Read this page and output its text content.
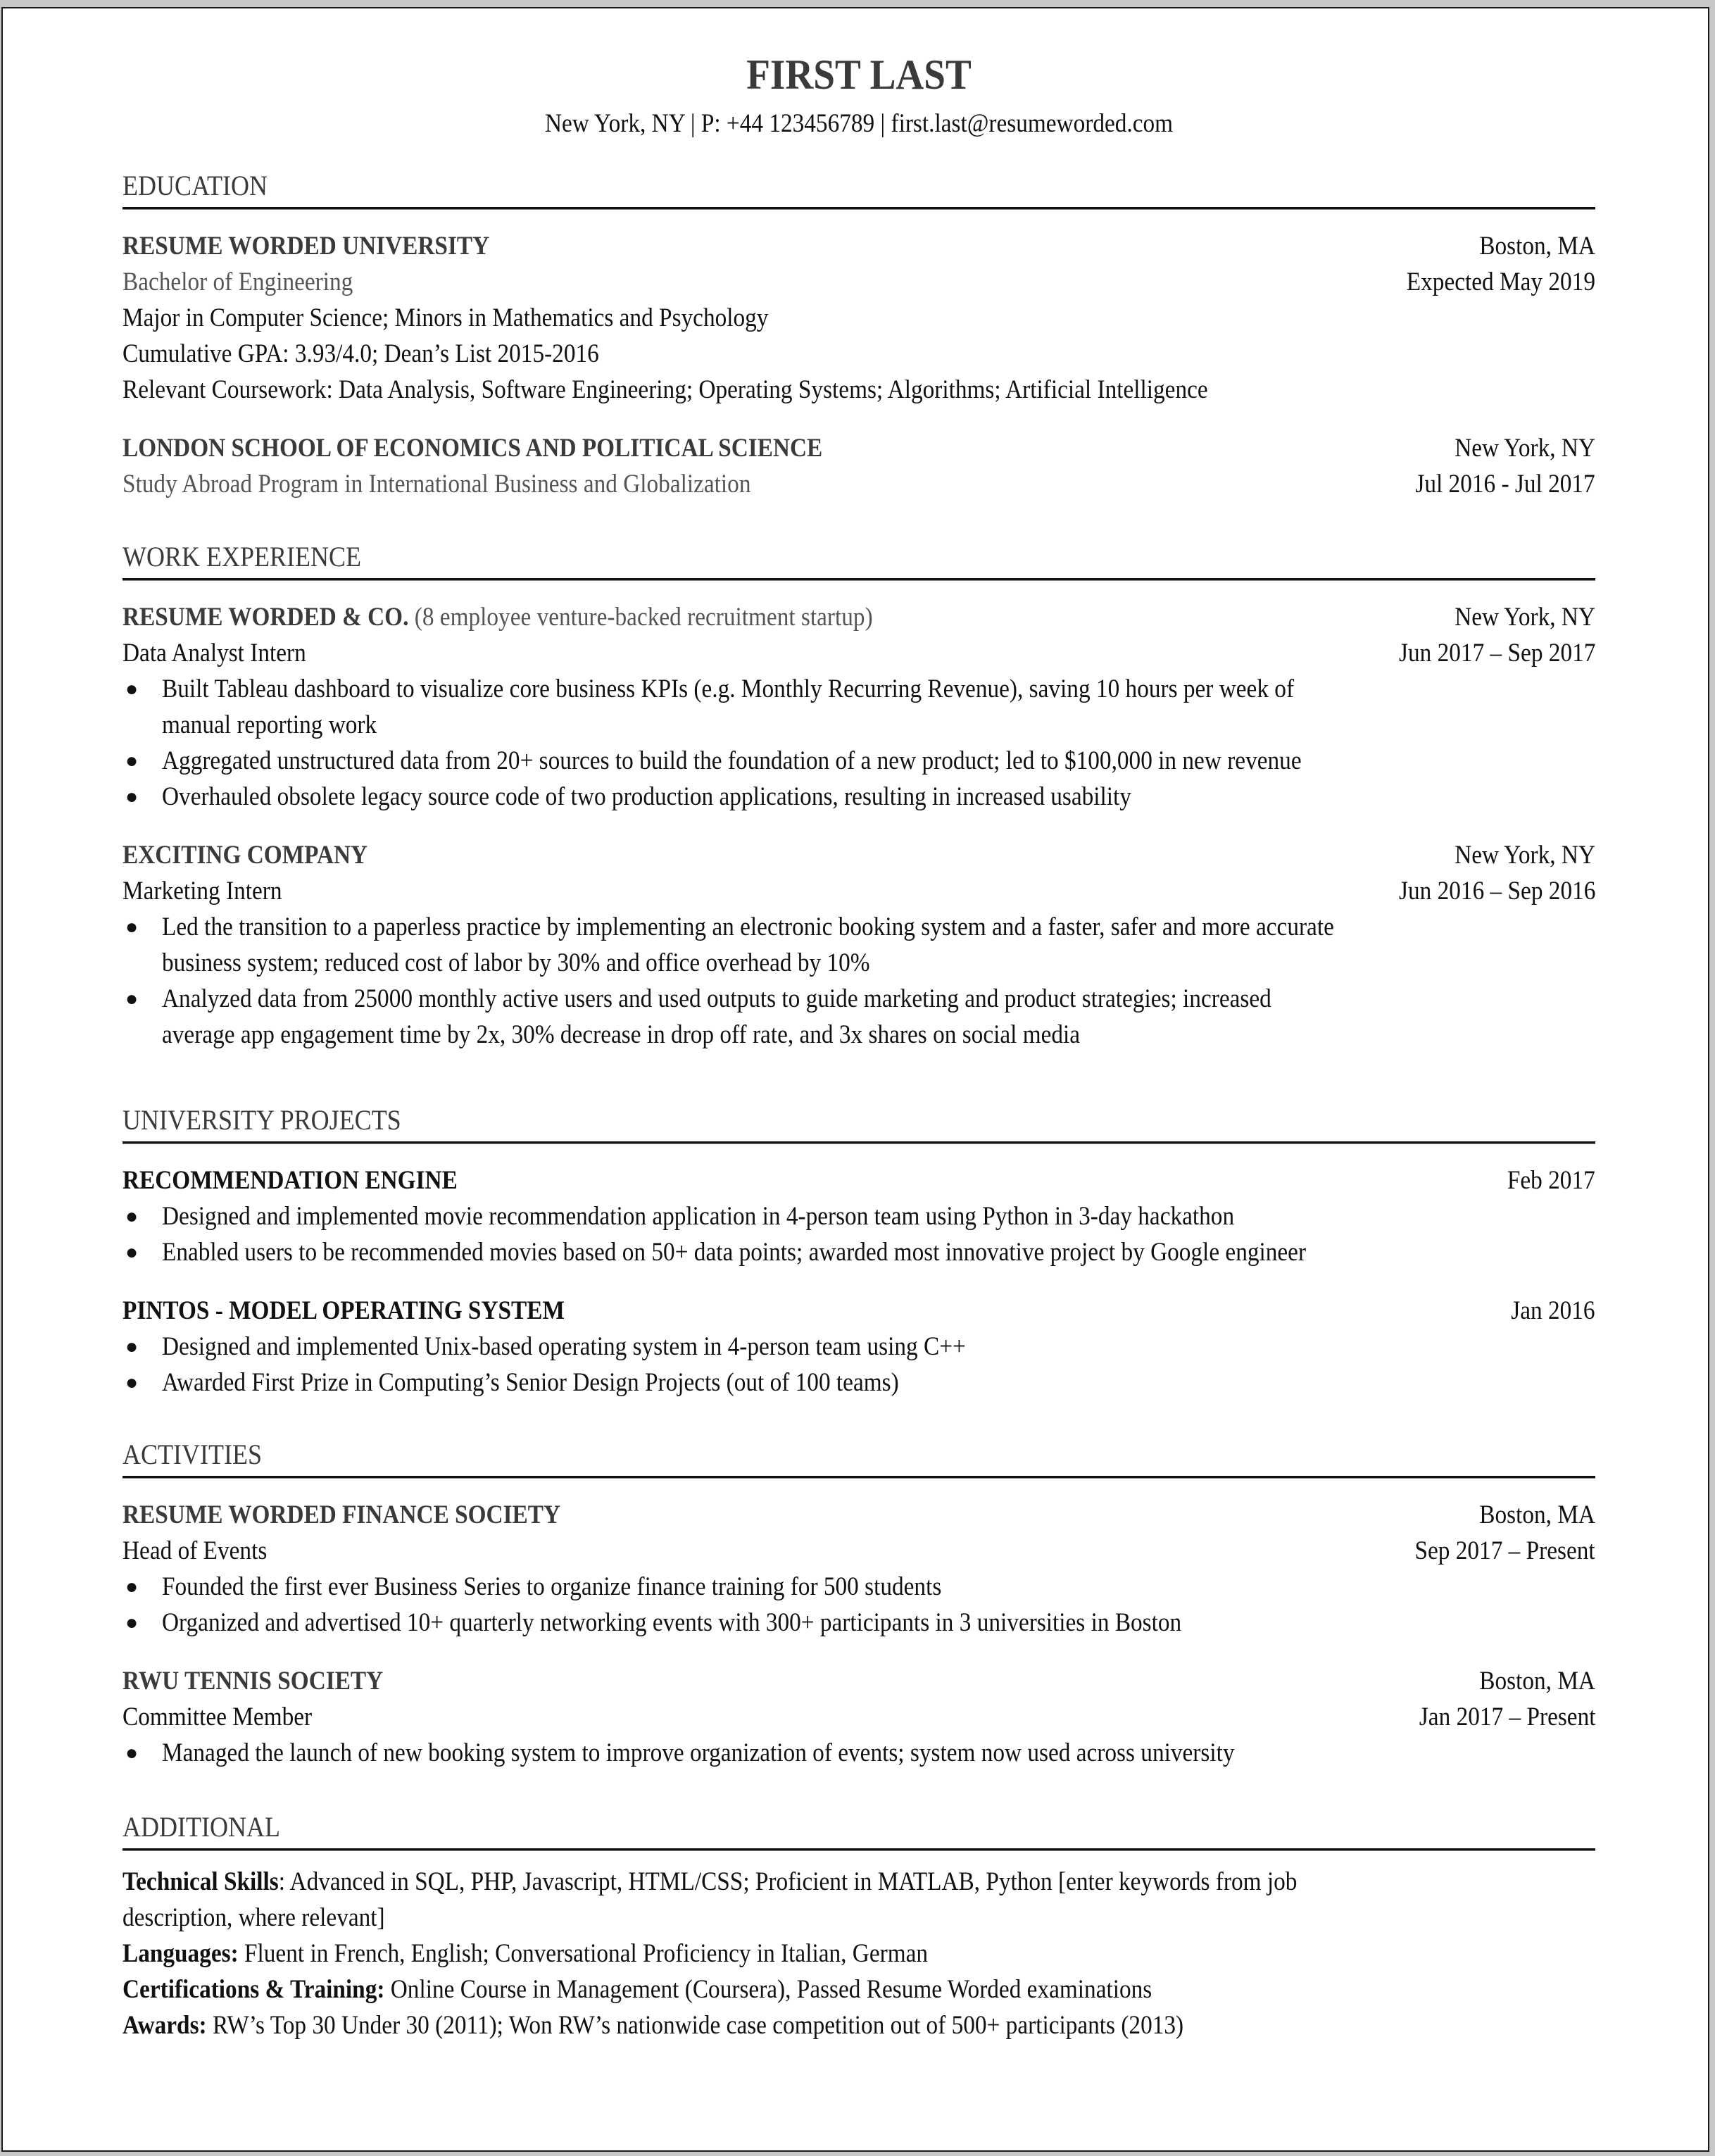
FIRST LAST
New York, NY | P: +44 123456789 | first.last@resumeworded.com
EDUCATION
RESUME WORDED UNIVERSITY	Boston, MA
Bachelor of Engineering	Expected May 2019
Major in Computer Science; Minors in Mathematics and Psychology
Cumulative GPA: 3.93/4.0; Dean’s List 2015-2016
Relevant Coursework: Data Analysis, Software Engineering; Operating Systems; Algorithms; Artificial Intelligence
LONDON SCHOOL OF ECONOMICS AND POLITICAL SCIENCE	New York, NY
Study Abroad Program in International Business and Globalization	Jul 2016 - Jul 2017
WORK EXPERIENCE
RESUME WORDED & CO. (8 employee venture-backed recruitment startup)	New York, NY
Data Analyst Intern	Jun 2017 – Sep 2017
● Built Tableau dashboard to visualize core business KPIs (e.g. Monthly Recurring Revenue), saving 10 hours per week of
manual reporting work
● Aggregated unstructured data from 20+ sources to build the foundation of a new product; led to $100,000 in new revenue
● Overhauled obsolete legacy source code of two production applications, resulting in increased usability
EXCITING COMPANY	New York, NY
Marketing Intern	Jun 2016 – Sep 2016
● Led the transition to a paperless practice by implementing an electronic booking system and a faster, safer and more accurate
business system; reduced cost of labor by 30% and office overhead by 10%
● Analyzed data from 25000 monthly active users and used outputs to guide marketing and product strategies; increased
average app engagement time by 2x, 30% decrease in drop off rate, and 3x shares on social media
UNIVERSITY PROJECTS
RECOMMENDATION ENGINE	Feb 2017
● Designed and implemented movie recommendation application in 4-person team using Python in 3-day hackathon
● Enabled users to be recommended movies based on 50+ data points; awarded most innovative project by Google engineer
PINTOS - MODEL OPERATING SYSTEM	Jan 2016
● Designed and implemented Unix-based operating system in 4-person team using C++
● Awarded First Prize in Computing’s Senior Design Projects (out of 100 teams)
ACTIVITIES
RESUME WORDED FINANCE SOCIETY	Boston, MA
Head of Events	Sep 2017 – Present
● Founded the first ever Business Series to organize finance training for 500 students
● Organized and advertised 10+ quarterly networking events with 300+ participants in 3 universities in Boston
RWU TENNIS SOCIETY	Boston, MA
Committee Member	Jan 2017 – Present
● Managed the launch of new booking system to improve organization of events; system now used across university
ADDITIONAL
Technical Skills: Advanced in SQL, PHP, Javascript, HTML/CSS; Proficient in MATLAB, Python [enter keywords from job
description, where relevant]
Languages: Fluent in French, English; Conversational Proficiency in Italian, German
Certifications & Training: Online Course in Management (Coursera), Passed Resume Worded examinations
Awards: RW’s Top 30 Under 30 (2011); Won RW’s nationwide case competition out of 500+ participants (2013)
